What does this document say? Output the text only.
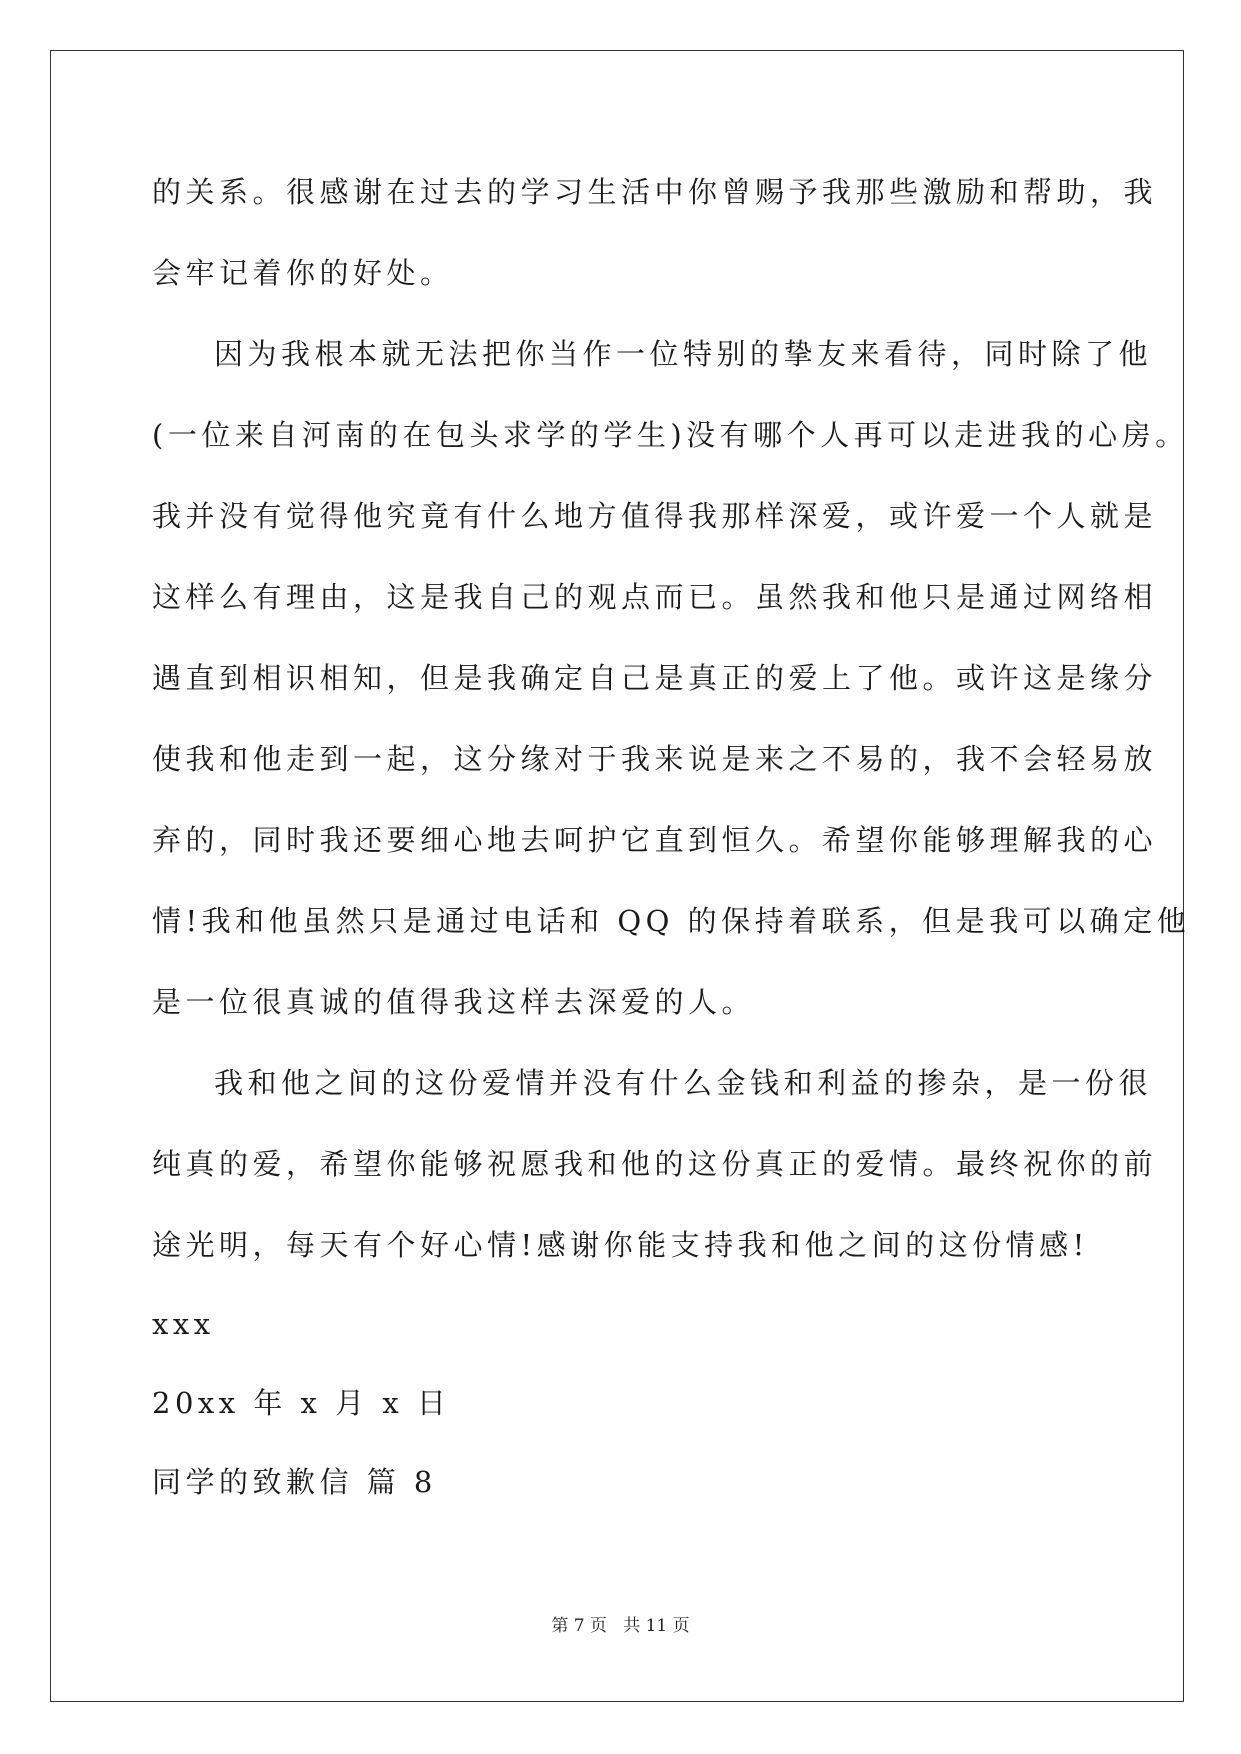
的关系。很感谢在过去的学习生活中你曾赐予我那些激励和帮助，我
会牢记着你的好处。
因为我根本就无法把你当作一位特别的挚友来看待，同时除了他
(一位来自河南的在包头求学的学生)没有哪个人再可以走进我的心房。
我并没有觉得他究竟有什么地方值得我那样深爱，或许爱一个人就是
这样么有理由，这是我自己的观点而已。虽然我和他只是通过网络相
遇直到相识相知，但是我确定自己是真正的爱上了他。或许这是缘分
使我和他走到一起，这分缘对于我来说是来之不易的，我不会轻易放
弃的，同时我还要细心地去呵护它直到恒久。希望你能够理解我的心
情!我和他虽然只是通过电话和 QQ 的保持着联系，但是我可以确定他
是一位很真诚的值得我这样去深爱的人。
我和他之间的这份爱情并没有什么金钱和利益的掺杂，是一份很
纯真的爱，希望你能够祝愿我和他的这份真正的爱情。最终祝你的前
途光明，每天有个好心情!感谢你能支持我和他之间的这份情感!
xxx
20xx 年 x 月 x 日
同学的致歉信 篇 8
第 7 页   共 11 页
